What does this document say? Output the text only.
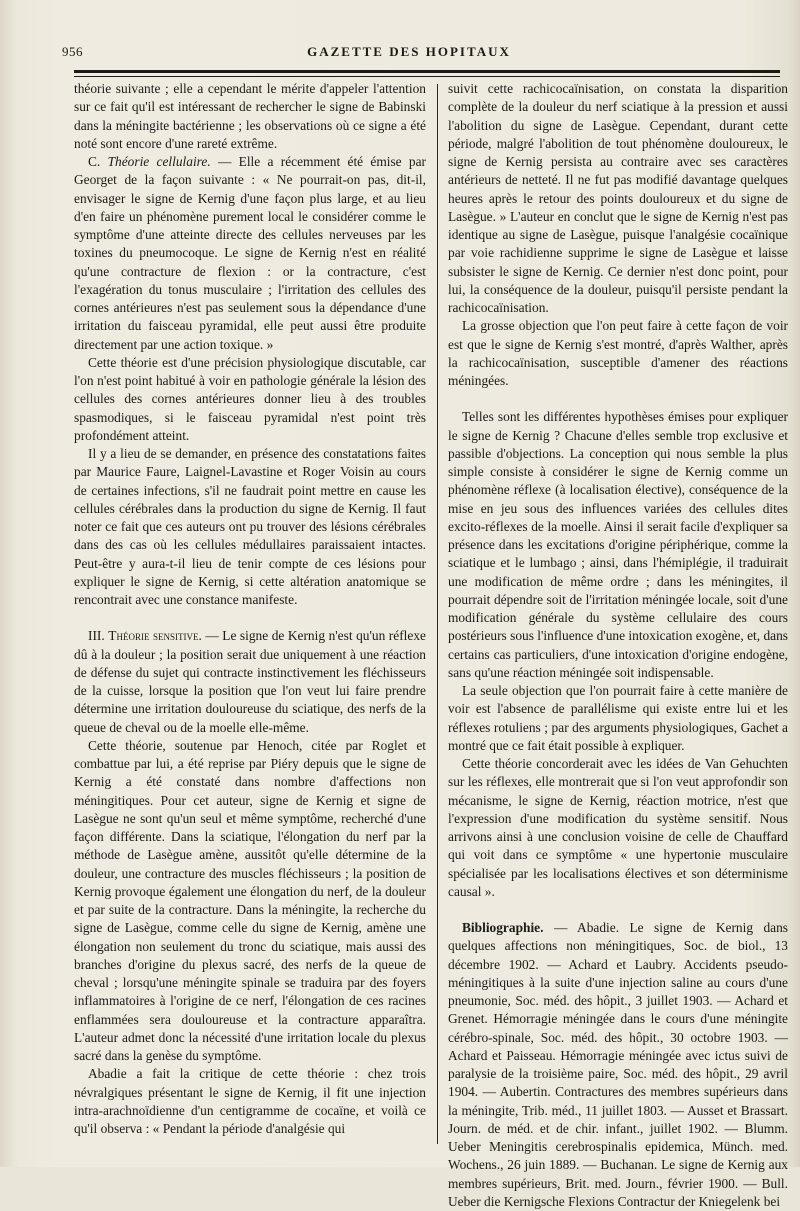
956	GAZETTE DES HOPITAUX

théorie suivante ; elle a cependant le mérite d'appeler l'attention sur ce fait qu'il est intéressant de rechercher le signe de Babinski dans la méningite bactérienne ; les observations où ce signe a été noté sont encore d'une rareté extrême.

C. Théorie cellulaire. — Elle a récemment été émise par Georget de la façon suivante : « Ne pourrait-on pas, dit-il, envisager le signe de Kernig d'une façon plus large, et au lieu d'en faire un phénomène purement local le considérer comme le symptôme d'une atteinte directe des cellules nerveuses par les toxines du pneumocoque. Le signe de Kernig n'est en réalité qu'une contracture de flexion : or la contracture, c'est l'exagération du tonus musculaire ; l'irritation des cellules des cornes antérieures n'est pas seulement sous la dépendance d'une irritation du faisceau pyramidal, elle peut aussi être produite directement par une action toxique. »

Cette théorie est d'une précision physiologique discutable, car l'on n'est point habitué à voir en pathologie générale la lésion des cellules des cornes antérieures donner lieu à des troubles spasmodiques, si le faisceau pyramidal n'est point très profondément atteint.

Il y a lieu de se demander, en présence des constatations faites par Maurice Faure, Laignel-Lavastine et Roger Voisin au cours de certaines infections, s'il ne faudrait point mettre en cause les cellules cérébrales dans la production du signe de Kernig. Il faut noter ce fait que ces auteurs ont pu trouver des lésions cérébrales dans des cas où les cellules médullaires paraissaient intactes. Peut-être y aura-t-il lieu de tenir compte de ces lésions pour expliquer le signe de Kernig, si cette altération anatomique se rencontrait avec une constance manifeste.

III. Théorie sensitive. — Le signe de Kernig n'est qu'un réflexe dû à la douleur ; la position serait due uniquement à une réaction de défense du sujet qui contracte instinctivement les fléchisseurs de la cuisse, lorsque la position que l'on veut lui faire prendre détermine une irritation douloureuse du sciatique, des nerfs de la queue de cheval ou de la moelle elle-même.

Cette théorie, soutenue par Henoch, citée par Roglet et combattue par lui, a été reprise par Piéry depuis que le signe de Kernig a été constaté dans nombre d'affections non méningitiques. Pour cet auteur, signe de Kernig et signe de Lasègue ne sont qu'un seul et même symptôme, recherché d'une façon différente. Dans la sciatique, l'élongation du nerf par la méthode de Lasègue amène, aussitôt qu'elle détermine de la douleur, une contracture des muscles fléchisseurs ; la position de Kernig provoque également une élongation du nerf, de la douleur et par suite de la contracture. Dans la méningite, la recherche du signe de Lasègue, comme celle du signe de Kernig, amène une élongation non seulement du tronc du sciatique, mais aussi des branches d'origine du plexus sacré, des nerfs de la queue de cheval ; lorsqu'une méningite spinale se traduira par des foyers inflammatoires à l'origine de ce nerf, l'élongation de ces racines enflammées sera douloureuse et la contracture apparaîtra. L'auteur admet donc la nécessité d'une irritation locale du plexus sacré dans la genèse du symptôme.

Abadie a fait la critique de cette théorie : chez trois névralgiques présentant le signe de Kernig, il fit une injection intra-arachnoïdienne d'un centigramme de cocaïne, et voilà ce qu'il observa : « Pendant la période d'analgésie qui

suivit cette rachicocaïnisation, on constata la disparition complète de la douleur du nerf sciatique à la pression et aussi l'abolition du signe de Lasègue. Cependant, durant cette période, malgré l'abolition de tout phénomène douloureux, le signe de Kernig persista au contraire avec ses caractères antérieurs de netteté. Il ne fut pas modifié davantage quelques heures après le retour des points douloureux et du signe de Lasègue. » L'auteur en conclut que le signe de Kernig n'est pas identique au signe de Lasègue, puisque l'analgésie cocaïnique par voie rachidienne supprime le signe de Lasègue et laisse subsister le signe de Kernig. Ce dernier n'est donc point, pour lui, la conséquence de la douleur, puisqu'il persiste pendant la rachicocaïnisation.

La grosse objection que l'on peut faire à cette façon de voir est que le signe de Kernig s'est montré, d'après Walther, après la rachicocaïnisation, susceptible d'amener des réactions méningées.

Telles sont les différentes hypothèses émises pour expliquer le signe de Kernig ? Chacune d'elles semble trop exclusive et passible d'objections. La conception qui nous semble la plus simple consiste à considérer le signe de Kernig comme un phénomène réflexe (à localisation élective), conséquence de la mise en jeu sous des influences variées des cellules dites excito-réflexes de la moelle. Ainsi il serait facile d'expliquer sa présence dans les excitations d'origine périphérique, comme la sciatique et le lumbago ; ainsi, dans l'hémiplégie, il traduirait une modification de même ordre ; dans les méningites, il pourrait dépendre soit de l'irritation méningée locale, soit d'une modification générale du système cellulaire des cours postérieurs sous l'influence d'une intoxication exogène, et, dans certains cas particuliers, d'une intoxication d'origine endogène, sans qu'une réaction méningée soit indispensable.

La seule objection que l'on pourrait faire à cette manière de voir est l'absence de parallélisme qui existe entre lui et les réflexes rotuliens ; par des arguments physiologiques, Gachet a montré que ce fait était possible à expliquer.

Cette théorie concorderait avec les idées de Van Gehuchten sur les réflexes, elle montrerait que si l'on veut approfondir son mécanisme, le signe de Kernig, réaction motrice, n'est que l'expression d'une modification du système sensitif. Nous arrivons ainsi à une conclusion voisine de celle de Chauffard qui voit dans ce symptôme « une hypertonie musculaire spécialisée par les localisations électives et son déterminisme causal ».

Bibliographie. — Abadie. Le signe de Kernig dans quelques affections non méningitiques, Soc. de biol., 13 décembre 1902. — Achard et Laubry. Accidents pseudo-méningitiques à la suite d'une injection saline au cours d'une pneumonie, Soc. méd. des hôpit., 3 juillet 1903. — Achard et Grenet. Hémorragie méningée dans le cours d'une méningite cérébro-spinale, Soc. méd. des hôpit., 30 octobre 1903. — Achard et Paisseau. Hémorragie méningée avec ictus suivi de paralysie de la troisième paire, Soc. méd. des hôpit., 29 avril 1904. — Aubertin. Contractures des membres supérieurs dans la méningite, Trib. méd., 11 juillet 1803. — Ausset et Brassart. Journ. de méd. et de chir. infant., juillet 1902. — Blumm. Ueber Meningitis cerebrospinalis epidemica, Münch. med. Wochens., 26 juin 1889. — Buchanan. Le signe de Kernig aux membres supérieurs, Brit. med. Journ., février 1900. — Bull. Ueber die Kernigsche Flexions Contractur der Kniegelenk bei
